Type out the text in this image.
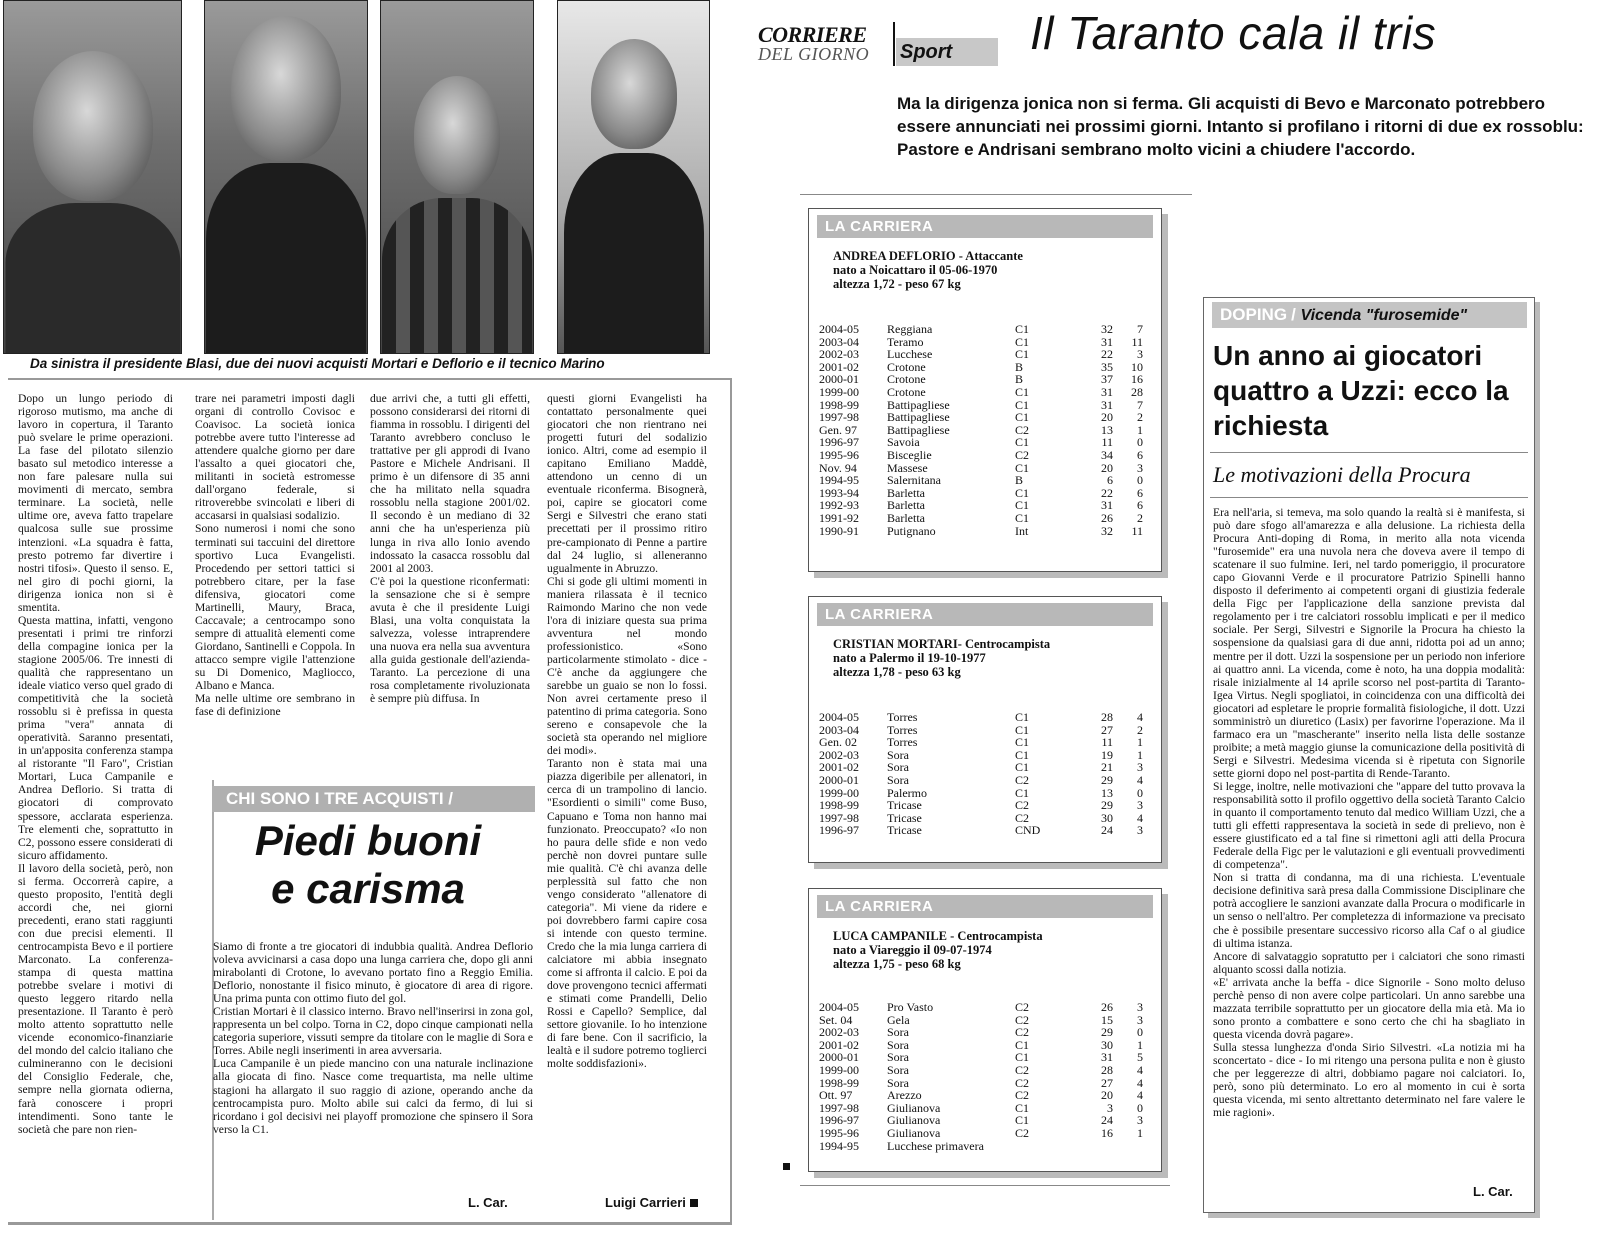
Da sinistra il presidente Blasi, due dei nuovi acquisti Mortari e Deflorio e il tecnico Marino
Dopo un lungo periodo di rigoroso mutismo, ma anche di lavoro in copertura, il Taranto può svelare le prime operazioni. La fase del pilotato silenzio basato sul metodico interesse a non fare palesare nulla sui movimenti di mercato, sembra terminare. La società, nelle ultime ore, aveva fatto trapelare qualcosa sulle sue prossime intenzioni. «La squadra è fatta, presto potremo far divertire i nostri tifosi». Questo il senso. E, nel giro di pochi giorni, la dirigenza ionica non si è smentita.
Questa mattina, infatti, vengono presentati i primi tre rinforzi della compagine ionica per la stagione 2005/06. Tre innesti di qualità che rappresentano un ideale viatico verso quel grado di competitività che la società rossoblu si è prefissa in questa prima "vera" annata di operatività. Saranno presentati, in un'apposita conferenza stampa al ristorante "Il Faro", Cristian Mortari, Luca Campanile e Andrea Deflorio. Si tratta di giocatori di comprovato spessore, acclarata esperienza. Tre elementi che, soprattutto in C2, possono essere considerati di sicuro affidamento.
Il lavoro della società, però, non si ferma. Occorrerà capire, a questo proposito, l'entità degli accordi che, nei giorni precedenti, erano stati raggiunti con due precisi elementi. Il centrocampista Bevo e il portiere Marconato. La conferenza-stampa di questa mattina potrebbe svelare i motivi di questo leggero ritardo nella presentazione. Il Taranto è però molto attento soprattutto nelle vicende economico-finanziarie del mondo del calcio italiano che culmineranno con le decisioni del Consiglio Federale, che, sempre nella giornata odierna, farà conoscere i propri intendimenti. Sono tante le società che pare non rien-
trare nei parametri imposti dagli organi di controllo Covisoc e Coavisoc. La società ionica potrebbe avere tutto l'interesse ad attendere qualche giorno per dare l'assalto a quei giocatori che, militanti in società estromesse dall'organo federale, si ritroverebbe svincolati e liberi di accasarsi in qualsiasi sodalizio.
Sono numerosi i nomi che sono terminati sui taccuini del direttore sportivo Luca Evangelisti. Procedendo per settori tattici si potrebbero citare, per la fase difensiva, giocatori come Martinelli, Maury, Braca, Caccavale; a centrocampo sono sempre di attualità elementi come Giordano, Santinelli e Coppola. In attacco sempre vigile l'attenzione su Di Domenico, Magliocco, Albano e Manca.
Ma nelle ultime ore sembrano in fase di definizione
due arrivi che, a tutti gli effetti, possono considerarsi dei ritorni di fiamma in rossoblu. I dirigenti del Taranto avrebbero concluso le trattative per gli approdi di Ivano Pastore e Michele Andrisani. Il primo è un difensore di 35 anni che ha militato nella squadra rossoblu nella stagione 2001/02. Il secondo è un mediano di 32 anni che ha un'esperienza più lunga in riva allo Ionio avendo indossato la casacca rossoblu dal 2001 al 2003.
C'è poi la questione riconfermati: la sensazione che si è sempre avuta è che il presidente Luigi Blasi, una volta conquistata la salvezza, volesse intraprendere una nuova era nella sua avventura alla guida gestionale dell'azienda-Taranto. La percezione di una rosa completamente rivoluzionata è sempre più diffusa. In
questi giorni Evangelisti ha contattato personalmente quei giocatori che non rientrano nei progetti futuri del sodalizio ionico. Altri, come ad esempio il capitano Emiliano Maddè, attendono un cenno di un eventuale riconferma. Bisognerà, poi, capire se giocatori come Sergi e Silvestri che erano stati precettati per il prossimo ritiro pre-campionato di Penne a partire dal 24 luglio, si alleneranno ugualmente in Abruzzo.
Chi si gode gli ultimi momenti in maniera rilassata è il tecnico Raimondo Marino che non vede l'ora di iniziare questa sua prima avventura nel mondo professionistico. «Sono particolarmente stimolato - dice - C'è anche da aggiungere che sarebbe un guaio se non lo fossi. Non avrei certamente preso il patentino di prima categoria. Sono sereno e consapevole che la società sta operando nel migliore dei modi».
Taranto non è stata mai una piazza digeribile per allenatori, in cerca di un trampolino di lancio. "Esordienti o simili" come Buso, Capuano e Toma non hanno mai funzionato. Preoccupato? «Io non ho paura delle sfide e non vedo perchè non dovrei puntare sulle mie qualità. C'è chi avanza delle perplessità sul fatto che non vengo considerato "allenatore di categoria". Mi viene da ridere e poi dovrebbero farmi capire cosa si intende con questo termine. Credo che la mia lunga carriera di calciatore mi abbia insegnato come si affronta il calcio. E poi da dove provengono tecnici affermati e stimati come Prandelli, Delio Rossi e Capello? Semplice, dal settore giovanile. Io ho intenzione di fare bene. Con il sacrificio, la lealtà e il sudore potremo toglierci molte soddisfazioni».
CHI SONO I TRE ACQUISTI /
Piedi buoni
e carisma
Siamo di fronte a tre giocatori di indubbia qualità. Andrea Deflorio voleva avvicinarsi a casa dopo una lunga carriera che, dopo gli anni mirabolanti di Crotone, lo avevano portato fino a Reggio Emilia. Deflorio, nonostante il fisico minuto, è giocatore di area di rigore. Una prima punta con ottimo fiuto del gol.
Cristian Mortari è il classico interno. Bravo nell'inserirsi in zona gol, rappresenta un bel colpo. Torna in C2, dopo cinque campionati nella categoria superiore, vissuti sempre da titolare con le maglie di Sora e Torres. Abile negli inserimenti in area avversaria.
Luca Campanile è un piede mancino con una naturale inclinazione alla giocata di fino. Nasce come trequartista, ma nelle ultime stagioni ha allargato il suo raggio di azione, operando anche da centrocampista puro. Molto abile sui calci da fermo, di lui si ricordano i gol decisivi nei playoff promozione che spinsero il Sora verso la C1.
L. Car.	Luigi Carrieri
CORRIERE
DEL GIORNO Sport	Il Taranto cala il tris
Ma la dirigenza jonica non si ferma. Gli acquisti di Bevo e Marconato potrebbero essere annunciati nei prossimi giorni. Intanto si profilano i ritorni di due ex rossoblu: Pastore e Andrisani sembrano molto vicini a chiudere l'accordo.
LA CARRIERA
ANDREA DEFLORIO - Attaccante
nato a Noicattaro il 05-06-1970
altezza 1,72 - peso 67 kg
2004-05	Reggiana	C1	32	7
2003-04	Teramo	C1	31	11
2002-03	Lucchese	C1	22	3
2001-02	Crotone	B	35	10
2000-01	Crotone	B	37	16
1999-00	Crotone	C1	31	28
1998-99	Battipagliese	C1	31	7
1997-98	Battipagliese	C1	20	2
Gen. 97	Battipagliese	C2	13	1
1996-97	Savoia	C1	11	0
1995-96	Bisceglie	C2	34	6
Nov. 94	Massese	C1	20	3
1994-95	Salernitana	B	6	0
1993-94	Barletta	C1	22	6
1992-93	Barletta	C1	31	6
1991-92	Barletta	C1	26	2
1990-91	Putignano	Int	32	11
LA CARRIERA
CRISTIAN MORTARI- Centrocampista
nato a Palermo il 19-10-1977
altezza 1,78 - peso 63 kg
2004-05	Torres	C1	28	4
2003-04	Torres	C1	27	2
Gen. 02	Torres	C1	11	1
2002-03	Sora	C1	19	1
2001-02	Sora	C1	21	3
2000-01	Sora	C2	29	4
1999-00	Palermo	C1	13	0
1998-99	Tricase	C2	29	3
1997-98	Tricase	C2	30	4
1996-97	Tricase	CND	24	3
LA CARRIERA
LUCA CAMPANILE - Centrocampista
nato a Viareggio il 09-07-1974
altezza 1,75 - peso 68 kg
2004-05	Pro Vasto	C2	26	3
Set. 04	Gela	C2	15	3
2002-03	Sora	C2	29	0
2001-02	Sora	C1	30	1
2000-01	Sora	C1	31	5
1999-00	Sora	C2	28	4
1998-99	Sora	C2	27	4
Ott. 97	Arezzo	C2	20	4
1997-98	Giulianova	C1	3	0
1996-97	Giulianova	C1	24	3
1995-96	Giulianova	C2	16	1
1994-95	Lucchese primavera			
DOPING / Vicenda "furosemide"
Un anno ai giocatori quattro a Uzzi: ecco la richiesta
Le motivazioni della Procura
Era nell'aria, si temeva, ma solo quando la realtà si è manifesta, si può dare sfogo all'amarezza e alla delusione. La richiesta della Procura Anti-doping di Roma, in merito alla nota vicenda "furosemide" era una nuvola nera che doveva avere il tempo di scatenare il suo fulmine. Ieri, nel tardo pomeriggio, il procuratore capo Giovanni Verde e il procuratore Patrizio Spinelli hanno disposto il deferimento ai competenti organi di giustizia federale della Figc per l'applicazione della sanzione prevista dal regolamento per i tre calciatori rossoblu implicati e per il medico sociale. Per Sergi, Silvestri e Signorile la Procura ha chiesto la sospensione da qualsiasi gara di due anni, ridotta poi ad un anno; mentre per il dott. Uzzi la sospensione per un periodo non inferiore ai quattro anni. La vicenda, come è noto, ha una doppia modalità: risale inizialmente al 14 aprile scorso nel post-partita di Taranto-Igea Virtus. Negli spogliatoi, in coincidenza con una difficoltà dei giocatori ad espletare le proprie formalità fisiologiche, il dott. Uzzi somministrò un diuretico (Lasix) per favorirne l'operazione. Ma il farmaco era un "mascherante" inserito nella lista delle sostanze proibite; a metà maggio giunse la comunicazione della positività di Sergi e Silvestri. Medesima vicenda si è ripetuta con Signorile sette giorni dopo nel post-partita di Rende-Taranto.
Si legge, inoltre, nelle motivazioni che "appare del tutto provava la responsabilità sotto il profilo oggettivo della società Taranto Calcio in quanto il comportamento tenuto dal medico William Uzzi, che a tutti gli effetti rappresentava la società in sede di prelievo, non è essere giustificato ed a tal fine si rimettoni agli atti della Procura Federale della Figc per le valutazioni e gli eventuali provvedimenti di competenza".
Non si tratta di condanna, ma di una richiesta. L'eventuale decisione definitiva sarà presa dalla Commissione Disciplinare che potrà accogliere le sanzioni avanzate dalla Procura o modificarle in un senso o nell'altro. Per completezza di informazione va precisato che è possibile presentare successivo ricorso alla Caf o al giudice di ultima istanza.
Ancore di salvataggio sopratutto per i calciatori che sono rimasti alquanto scossi dalla notizia.
«E' arrivata anche la beffa - dice Signorile - Sono molto deluso perchè penso di non avere colpe particolari. Un anno sarebbe una mazzata terribile soprattutto per un giocatore della mia età. Ma io sono pronto a combattere e sono certo che chi ha sbagliato in questa vicenda dovrà pagare».
Sulla stessa lunghezza d'onda Sirio Silvestri. «La notizia mi ha sconcertato - dice - Io mi ritengo una persona pulita e non è giusto che per leggerezze di altri, dobbiamo pagare noi calciatori. Io, però, sono più determinato. Lo ero al momento in cui è sorta questa vicenda, mi sento altrettanto determinato nel fare valere le mie ragioni».
L. Car.
